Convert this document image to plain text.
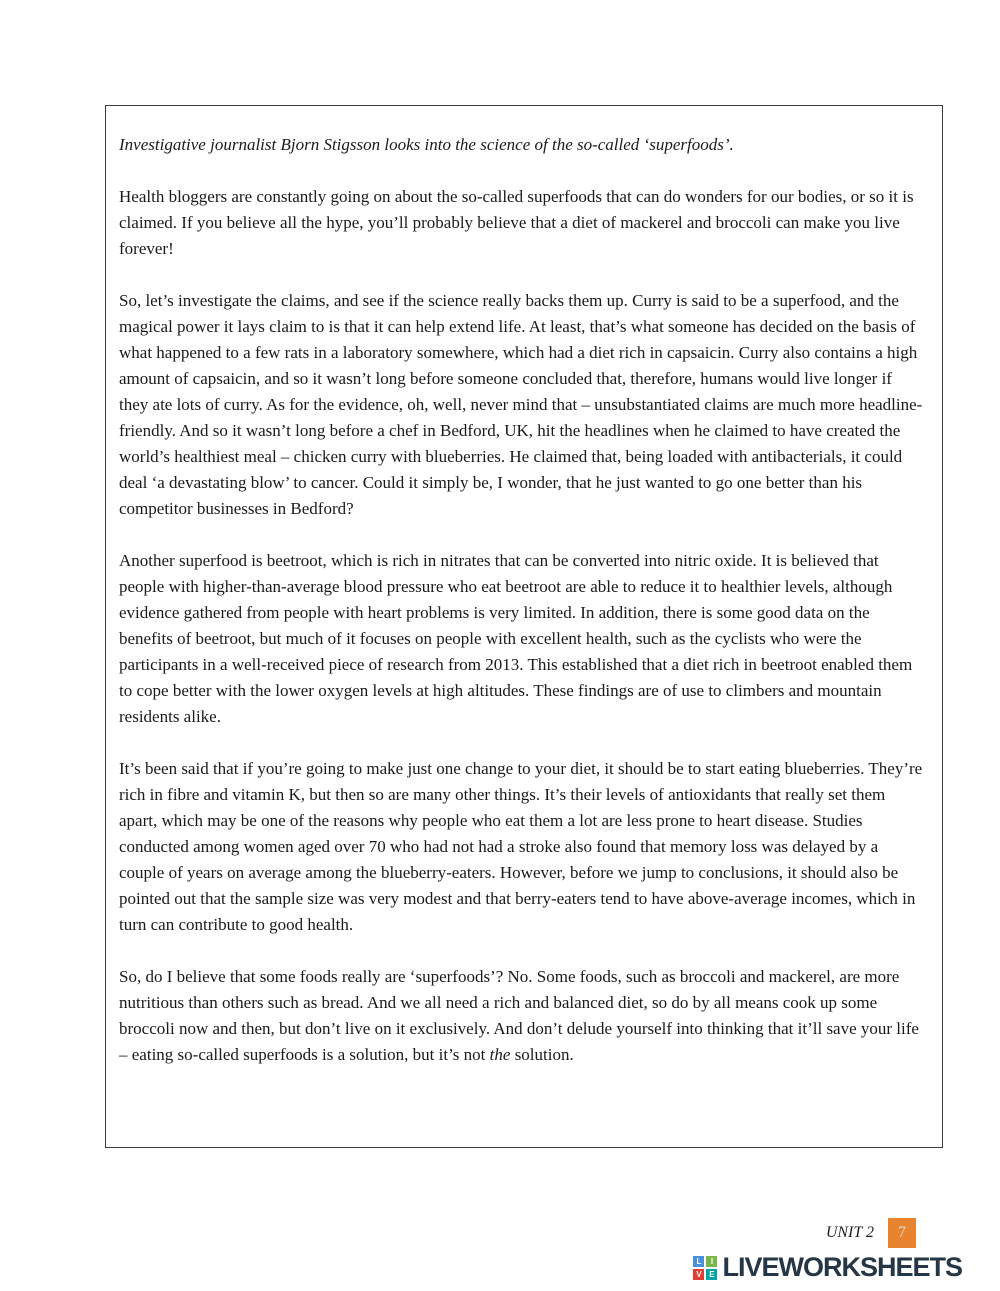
Investigative journalist Bjorn Stigsson looks into the science of the so-called ‘superfoods’.

Health bloggers are constantly going on about the so-called superfoods that can do wonders for our bodies, or so it is claimed. If you believe all the hype, you’ll probably believe that a diet of mackerel and broccoli can make you live forever!

So, let’s investigate the claims, and see if the science really backs them up. Curry is said to be a superfood, and the magical power it lays claim to is that it can help extend life. At least, that’s what someone has decided on the basis of what happened to a few rats in a laboratory somewhere, which had a diet rich in capsaicin. Curry also contains a high amount of capsaicin, and so it wasn’t long before someone concluded that, therefore, humans would live longer if they ate lots of curry. As for the evidence, oh, well, never mind that – unsubstantiated claims are much more headline-friendly. And so it wasn’t long before a chef in Bedford, UK, hit the headlines when he claimed to have created the world’s healthiest meal – chicken curry with blueberries. He claimed that, being loaded with antibacterials, it could deal ‘a devastating blow’ to cancer. Could it simply be, I wonder, that he just wanted to go one better than his competitor businesses in Bedford?

Another superfood is beetroot, which is rich in nitrates that can be converted into nitric oxide. It is believed that people with higher-than-average blood pressure who eat beetroot are able to reduce it to healthier levels, although evidence gathered from people with heart problems is very limited. In addition, there is some good data on the benefits of beetroot, but much of it focuses on people with excellent health, such as the cyclists who were the participants in a well-received piece of research from 2013. This established that a diet rich in beetroot enabled them to cope better with the lower oxygen levels at high altitudes. These findings are of use to climbers and mountain residents alike.

It’s been said that if you’re going to make just one change to your diet, it should be to start eating blueberries. They’re rich in fibre and vitamin K, but then so are many other things. It’s their levels of antioxidants that really set them apart, which may be one of the reasons why people who eat them a lot are less prone to heart disease. Studies conducted among women aged over 70 who had not had a stroke also found that memory loss was delayed by a couple of years on average among the blueberry-eaters. However, before we jump to conclusions, it should also be pointed out that the sample size was very modest and that berry-eaters tend to have above-average incomes, which in turn can contribute to good health.

So, do I believe that some foods really are ‘superfoods’? No. Some foods, such as broccoli and mackerel, are more nutritious than others such as bread. And we all need a rich and balanced diet, so do by all means cook up some broccoli now and then, but don’t live on it exclusively. And don’t delude yourself into thinking that it’ll save your life – eating so-called superfoods is a solution, but it’s not the solution.

UNIT 2	7
L	I
V E LIVEWORKSHEETS
